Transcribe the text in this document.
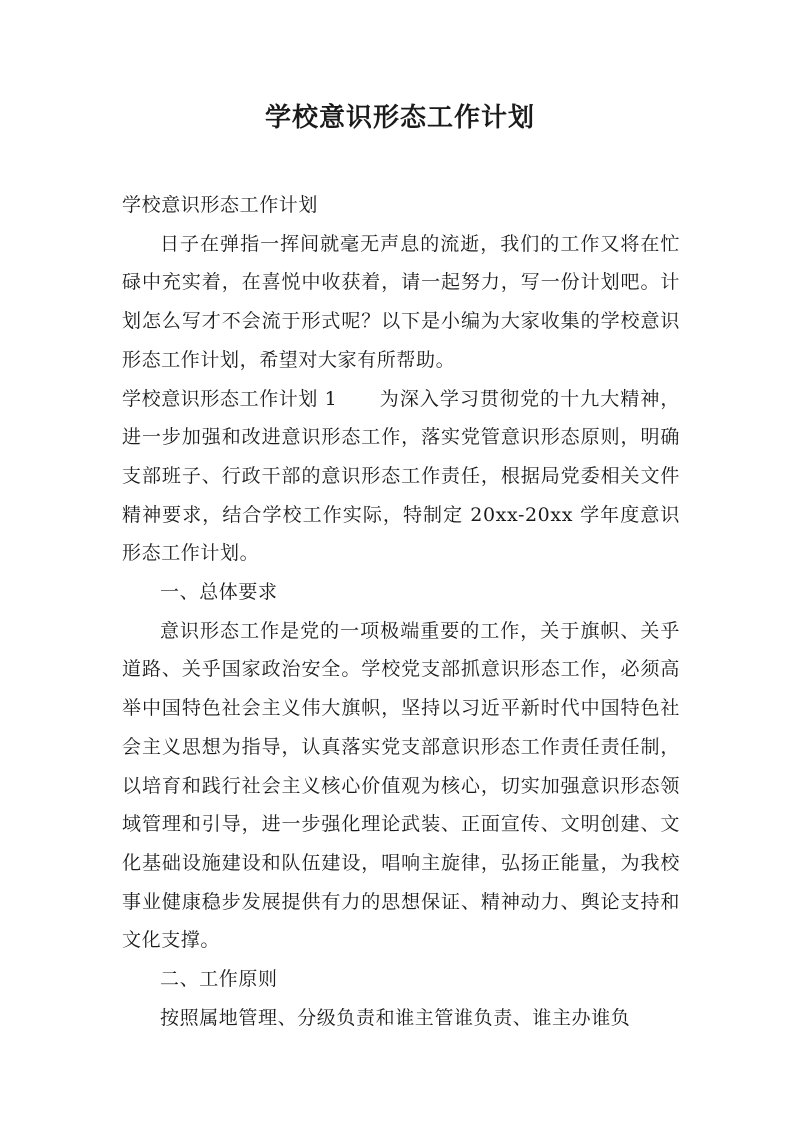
学校意识形态工作计划

学校意识形态工作计划

日子在弹指一挥间就毫无声息的流逝，我们的工作又将在忙碌中充实着，在喜悦中收获着，请一起努力，写一份计划吧。计划怎么写才不会流于形式呢？以下是小编为大家收集的学校意识形态工作计划，希望对大家有所帮助。

学校意识形态工作计划 1 为深入学习贯彻党的十九大精神，进一步加强和改进意识形态工作，落实党管意识形态原则，明确支部班子、行政干部的意识形态工作责任，根据局党委相关文件精神要求，结合学校工作实际，特制定 20xx-20xx 学年度意识形态工作计划。

一、总体要求

意识形态工作是党的一项极端重要的工作，关于旗帜、关乎道路、关乎国家政治安全。学校党支部抓意识形态工作，必须高举中国特色社会主义伟大旗帜，坚持以习近平新时代中国特色社会主义思想为指导，认真落实党支部意识形态工作责任责任制，以培育和践行社会主义核心价值观为核心，切实加强意识形态领域管理和引导，进一步强化理论武装、正面宣传、文明创建、文化基础设施建设和队伍建设，唱响主旋律，弘扬正能量，为我校事业健康稳步发展提供有力的思想保证、精神动力、舆论支持和文化支撑。

二、工作原则

按照属地管理、分级负责和谁主管谁负责、谁主办谁负
